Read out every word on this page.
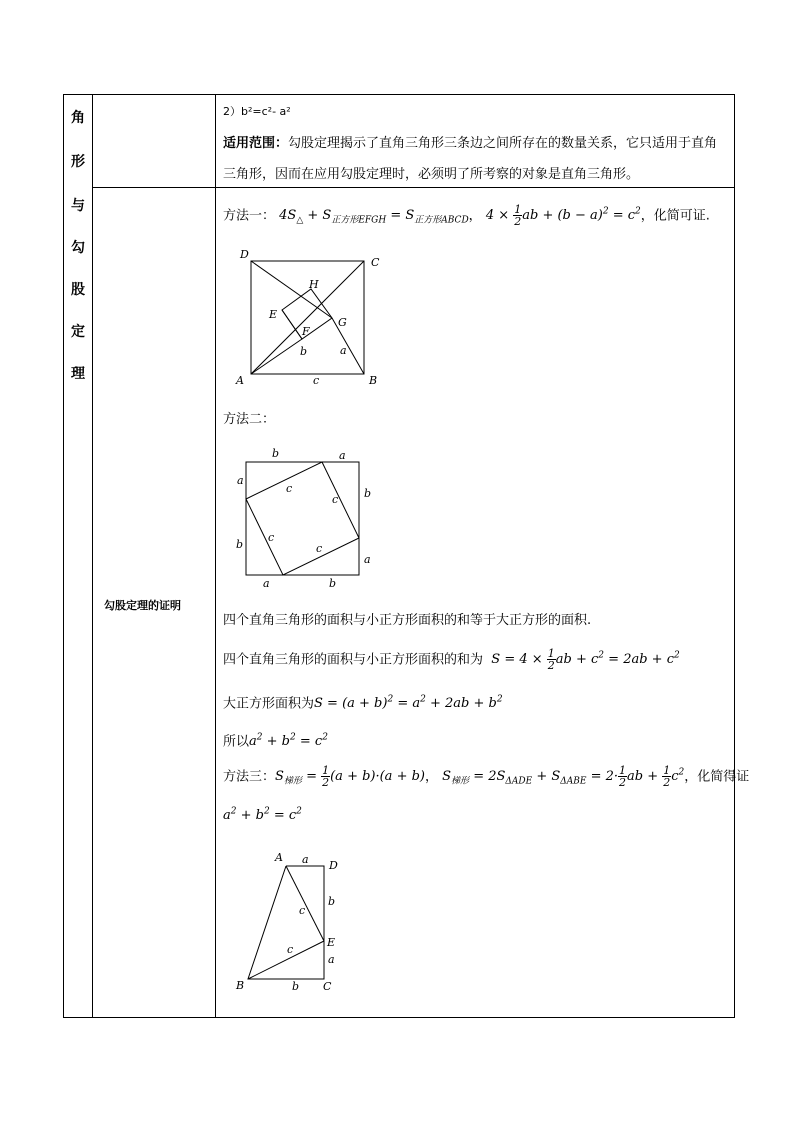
角
形
与
勾
股
定
理
勾股定理的证明
2）b²=c²- a²
适用范围：勾股定理揭示了直角三角形三条边之间所存在的数量关系，它只适用于直角
三角形，因而在应用勾股定理时，必须明了所考察的对象是直角三角形。
方法一： $4S_\triangle + S_{正方形EFGH} = S_{正方形ABCD}$， $4 \times \frac{1}{2}$ ab + $(b - a)^2 = c^2$，化简可证.
D
C
H
E
G
F
b	a
A	c	B
方法二：
b	a
a
c
c b
b
c
c
a
a	b
四个直角三角形的面积与小正方形面积的和等于大正方形的面积.
四个直角三角形的面积与小正方形面积的和为 $S = 4 \times \frac{1}{2}$ ab + $c^2 = 2ab + c^2$
大正方形面积为$S = (a + b)^2 = a^2 + 2ab + b^2$
所以$a^2 + b^2 = c^2$
方法三：$S_{梯形} = \frac{1}{2} (a + b)\cdot(a + b)$， $S_{梯形} = 2S_{\Delta ADE} + S_{\Delta ABE} = 2\cdot \frac{1}{2}$ ab + $\frac{1}{2} c^2$，化简得证
$a^2 + b^2 = c^2$
A a D
c
b
E
c
a
B	b C
